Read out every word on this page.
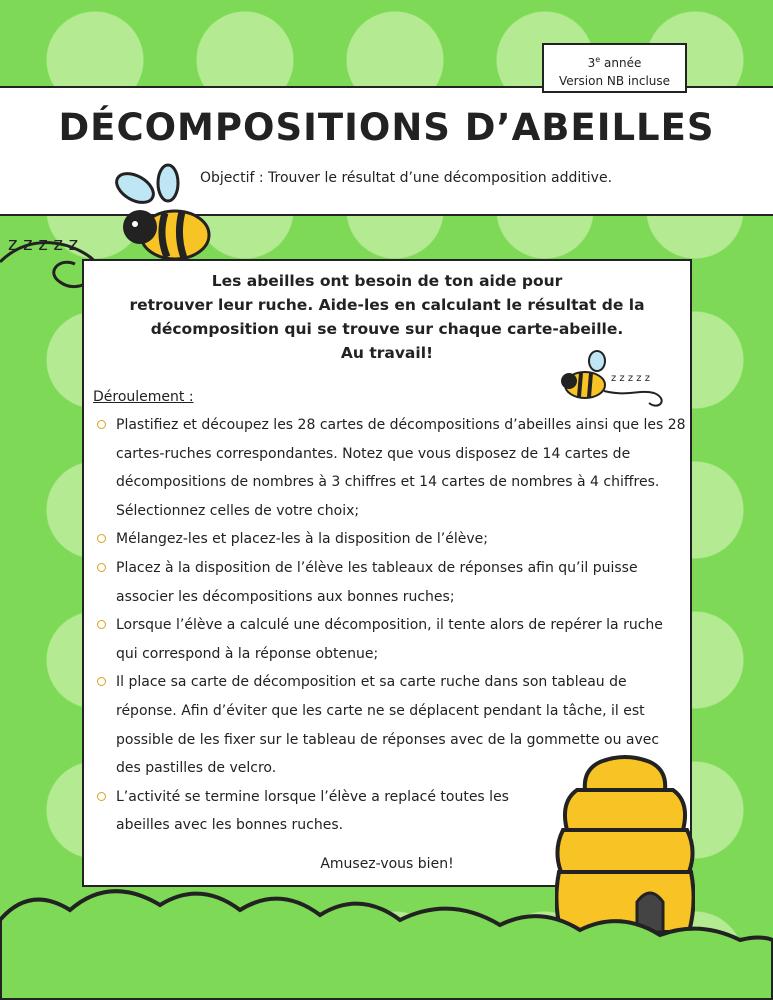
z z z z z
3e année
Version NB incluse
DÉCOMPOSITIONS D’ABEILLES
Objectif : Trouver le résultat d’une décomposition additive.
Les abeilles ont besoin de ton aide pour
retrouver leur ruche. Aide-les en calculant le résultat de la
décomposition qui se trouve sur chaque carte-abeille.
Au travail!
z z z z z
Déroulement :
Plastifiez et découpez les 28 cartes de décompositions d’abeilles ainsi que les 28 cartes-ruches correspondantes. Notez que vous disposez de 14 cartes de décompositions de nombres à 3 chiffres et 14 cartes de nombres à 4 chiffres. Sélectionnez celles de votre choix;
Mélangez-les et placez-les à la disposition de l’élève;
Placez à la disposition de l’élève les tableaux de réponses afin qu’il puisse associer les décompositions aux bonnes ruches;
Lorsque l’élève a calculé une décomposition, il tente alors de repérer la ruche qui correspond à la réponse obtenue;
Il place sa carte de décomposition et sa carte ruche dans son tableau de réponse. Afin d’éviter que les carte ne se déplacent pendant la tâche, il est possible de les fixer sur le tableau de réponses avec de la gommette ou avec des pastilles de velcro.
L’activité se termine lorsque l’élève a replacé toutes les abeilles avec les bonnes ruches.
Amusez-vous bien!
